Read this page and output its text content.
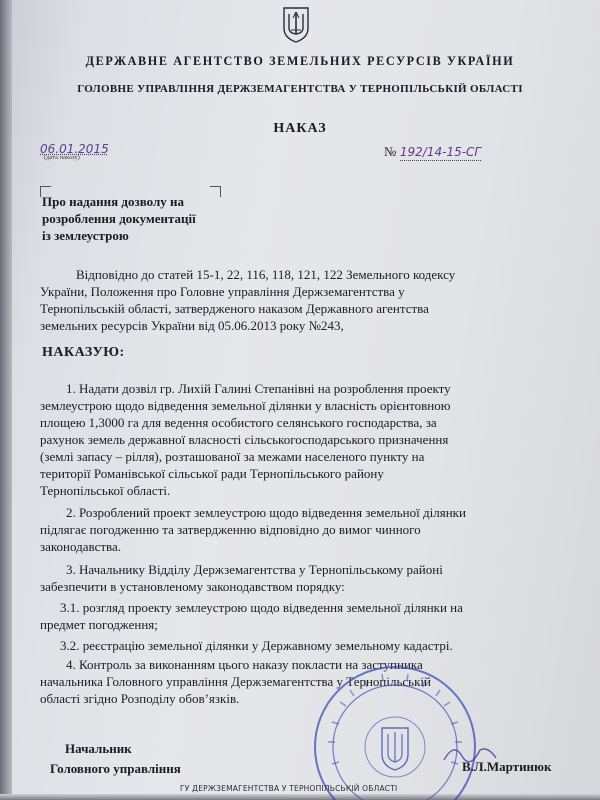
ДЕРЖАВНЕ АГЕНТСТВО ЗЕМЕЛЬНИХ РЕСУРСІВ УКРАЇНИ
ГОЛОВНЕ УПРАВЛІННЯ ДЕРЖЗЕМАГЕНТСТВА У ТЕРНОПІЛЬСЬКІЙ ОБЛАСТІ
НАКАЗ
06.01.2015
(дата наказу)	№ 192/14-15-СГ
Про надання дозволу на
розроблення документації
із землеустрою
Відповідно до статей 15-1, 22, 116, 118, 121, 122 Земельного кодексу
України, Положення про Головне управління Держземагентства у
Тернопільській області, затвердженого наказом Державного агентства
земельних ресурсів України від 05.06.2013 року №243,
НАКАЗУЮ:
1. Надати дозвіл гр. Лихій Галині Степанівні на розроблення проекту
землеустрою щодо відведення земельної ділянки у власність орієнтовною
площею 1,3000 га для ведення особистого селянського господарства, за
рахунок земель державної власності сільськогосподарського призначення
(землі запасу – рілля), розташованої за межами населеного пункту на
території Романівської сільської ради Тернопільського району
Тернопільської області.
2. Розроблений проект землеустрою щодо відведення земельної ділянки
підлягає погодженню та затвердженню відповідно до вимог чинного
законодавства.
3. Начальнику Відділу Держземагентства у Тернопільському районі
забезпечити в установленому законодавством порядку:
3.1. розгляд проекту землеустрою щодо відведення земельної ділянки на
предмет погодження;
3.2. реєстрацію земельної ділянки у Державному земельному кадастрі.
4. Контроль за виконанням цього наказу покласти на заступника
начальника Головного управління Держземагентства у Тернопільській
області згідно Розподілу обов’язків.
Начальник
Головного управління	В.Л.Мартинюк
ГУ ДЕРЖЗЕМАГЕНТСТВА У ТЕРНОПІЛЬСЬКІЙ ОБЛАСТІ
